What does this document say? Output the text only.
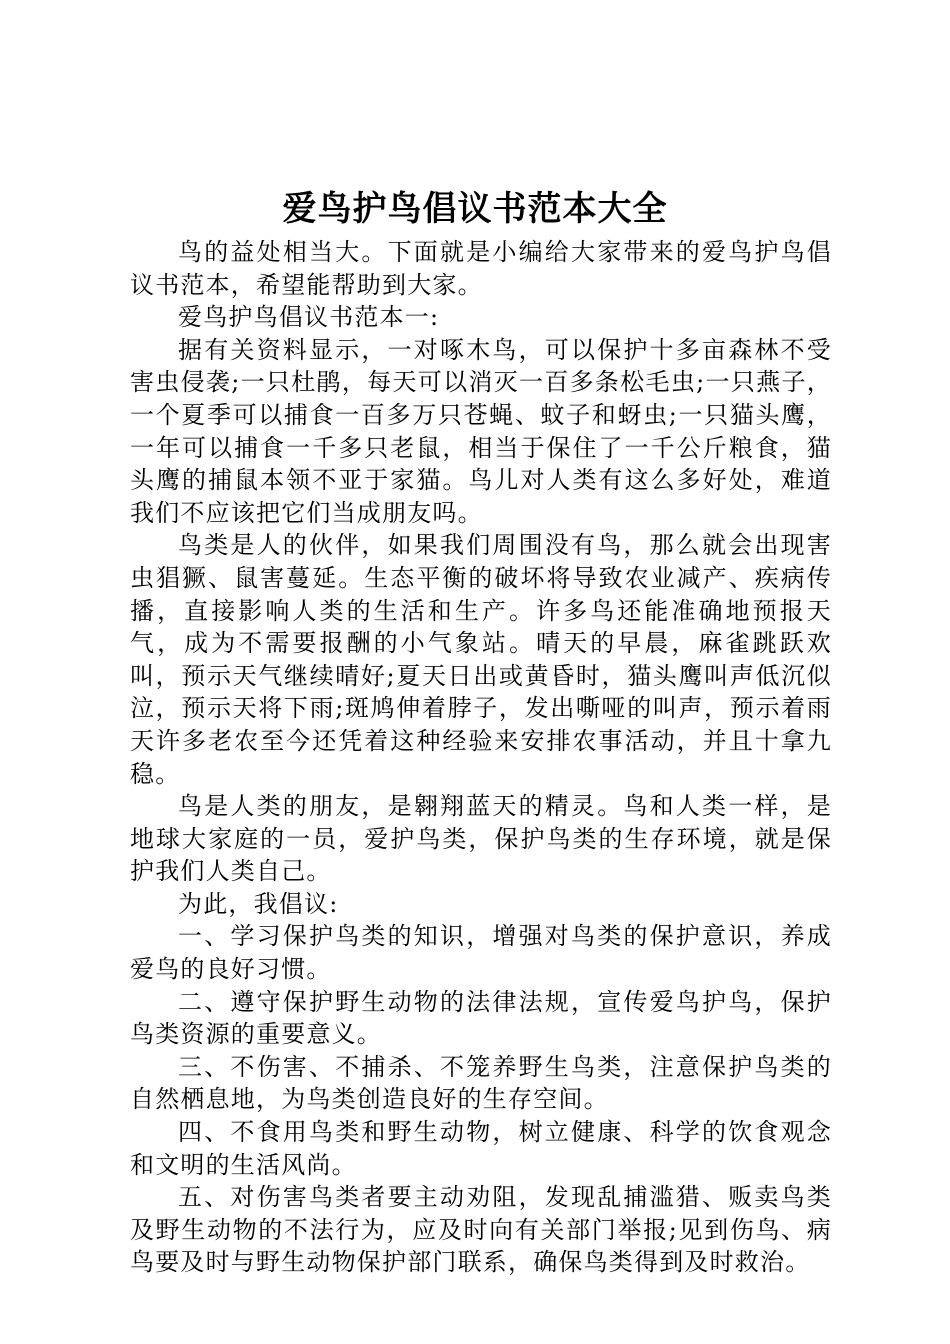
爱鸟护鸟倡议书范本大全

鸟的益处相当大。下面就是小编给大家带来的爱鸟护鸟倡议书范本，希望能帮助到大家。

爱鸟护鸟倡议书范本一:

据有关资料显示，一对啄木鸟，可以保护十多亩森林不受害虫侵袭;一只杜鹃，每天可以消灭一百多条松毛虫;一只燕子，一个夏季可以捕食一百多万只苍蝇、蚊子和蚜虫;一只猫头鹰，一年可以捕食一千多只老鼠，相当于保住了一千公斤粮食，猫头鹰的捕鼠本领不亚于家猫。鸟儿对人类有这么多好处，难道我们不应该把它们当成朋友吗。

鸟类是人的伙伴，如果我们周围没有鸟，那么就会出现害虫猖獗、鼠害蔓延。生态平衡的破坏将导致农业减产、疾病传播，直接影响人类的生活和生产。许多鸟还能准确地预报天气，成为不需要报酬的小气象站。晴天的早晨，麻雀跳跃欢叫，预示天气继续晴好;夏天日出或黄昏时，猫头鹰叫声低沉似泣，预示天将下雨;斑鸠伸着脖子，发出嘶哑的叫声，预示着雨天许多老农至今还凭着这种经验来安排农事活动，并且十拿九稳。

鸟是人类的朋友，是翱翔蓝天的精灵。鸟和人类一样，是地球大家庭的一员，爱护鸟类，保护鸟类的生存环境，就是保护我们人类自己。

为此，我倡议:

一、学习保护鸟类的知识，增强对鸟类的保护意识，养成爱鸟的良好习惯。

二、遵守保护野生动物的法律法规，宣传爱鸟护鸟，保护鸟类资源的重要意义。

三、不伤害、不捕杀、不笼养野生鸟类，注意保护鸟类的自然栖息地，为鸟类创造良好的生存空间。

四、不食用鸟类和野生动物，树立健康、科学的饮食观念和文明的生活风尚。

五、对伤害鸟类者要主动劝阻，发现乱捕滥猎、贩卖鸟类及野生动物的不法行为，应及时向有关部门举报;见到伤鸟、病鸟要及时与野生动物保护部门联系，确保鸟类得到及时救治。
